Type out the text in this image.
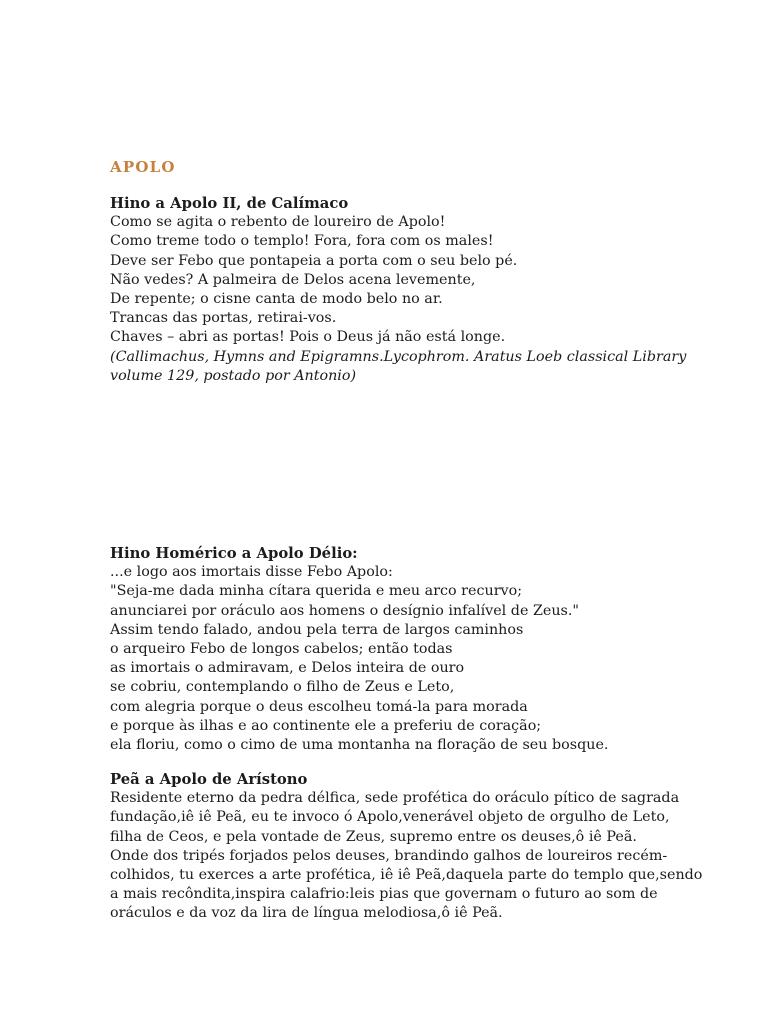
APOLO
Hino a Apolo II, de Calímaco
Como se agita o rebento de loureiro de Apolo!
Como treme todo o templo! Fora, fora com os males!
Deve ser Febo que pontapeia a porta com o seu belo pé.
Não vedes? A palmeira de Delos acena levemente,
De repente; o cisne canta de modo belo no ar.
Trancas das portas, retirai-vos.
Chaves – abri as portas! Pois o Deus já não está longe.
(Callimachus, Hymns and Epigramns.Lycophrom. Aratus Loeb classical Library
volume 129, postado por Antonio)
Hino Homérico a Apolo Délio:
...e logo aos imortais disse Febo Apolo:
"Seja-me dada minha cítara querida e meu arco recurvo;
anunciarei por oráculo aos homens o desígnio infalível de Zeus."
Assim tendo falado, andou pela terra de largos caminhos
o arqueiro Febo de longos cabelos; então todas
as imortais o admiravam, e Delos inteira de ouro
se cobriu, contemplando o filho de Zeus e Leto,
com alegria porque o deus escolheu tomá-la para morada
e porque às ilhas e ao continente ele a preferiu de coração;
ela floriu, como o cimo de uma montanha na floração de seu bosque.
Peã a Apolo de Arístono
Residente eterno da pedra délfica, sede profética do oráculo pítico de sagrada
fundação,iê iê Peã, eu te invoco ó Apolo,venerável objeto de orgulho de Leto,
filha de Ceos, e pela vontade de Zeus, supremo entre os deuses,ô iê Peã.
Onde dos tripés forjados pelos deuses, brandindo galhos de loureiros recém-
colhidos, tu exerces a arte profética, iê iê Peã,daquela parte do templo que,sendo
a mais recôndita,inspira calafrio:leis pias que governam o futuro ao som de
oráculos e da voz da lira de língua melodiosa,ô iê Peã.
